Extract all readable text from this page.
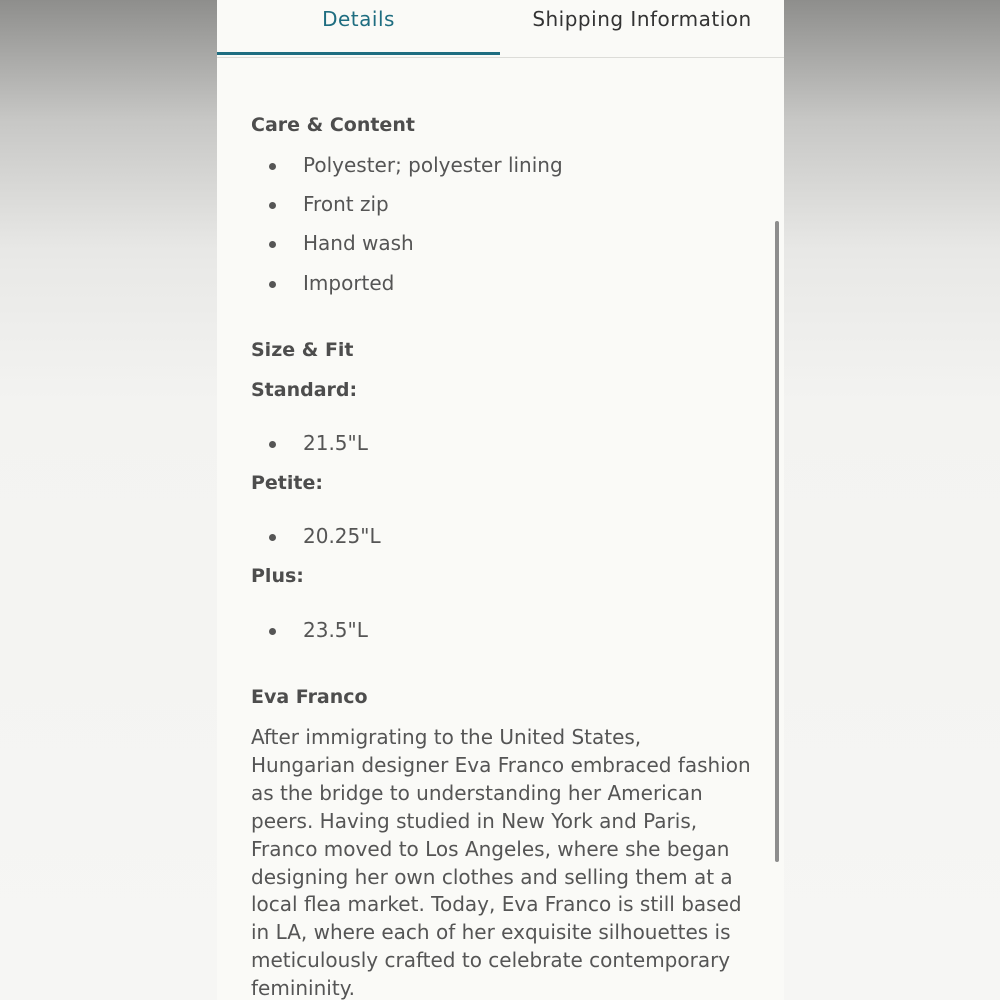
Details	Shipping Information
Care & Content
Polyester; polyester lining
Front zip
Hand wash
Imported
Size & Fit
Standard:
21.5"L
Petite:
20.25"L
Plus:
23.5"L
Eva Franco

After immigrating to the United States, Hungarian designer Eva Franco embraced fashion as the bridge to understanding her American peers. Having studied in New York and Paris, Franco moved to Los Angeles, where she began designing her own clothes and selling them at a local flea market. Today, Eva Franco is still based in LA, where each of her exquisite silhouettes is meticulously crafted to celebrate contemporary femininity.
